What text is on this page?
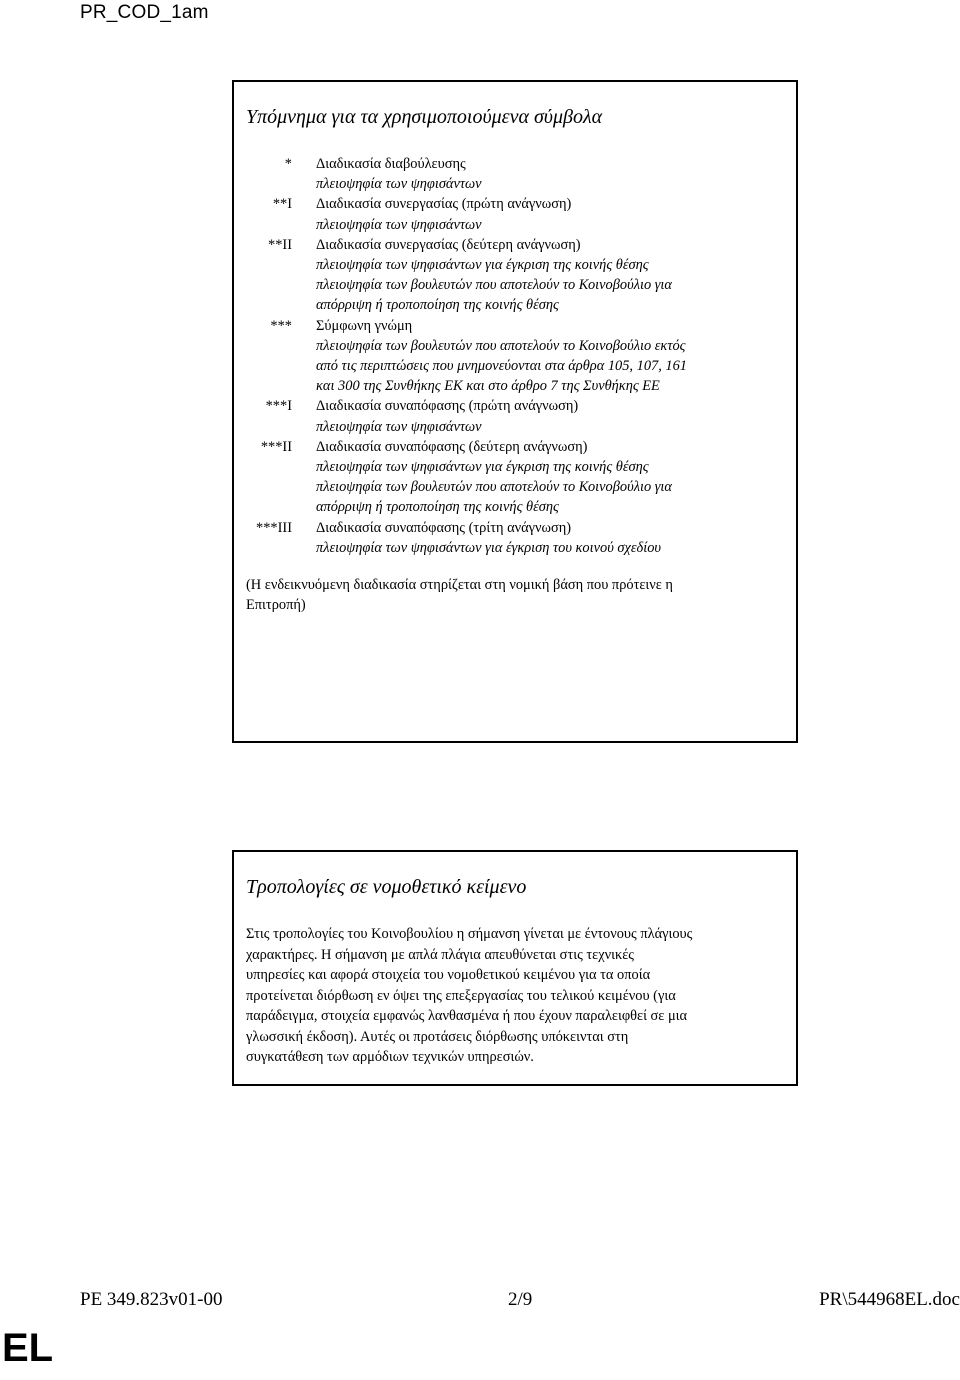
PR_COD_1am
Υπόμνημα για τα χρησιμοποιούμενα σύμβολα
*	Διαδικασία διαβούλευσης
πλειοψηφία των ψηφισάντων
**I	Διαδικασία συνεργασίας (πρώτη ανάγνωση)
πλειοψηφία των ψηφισάντων
**II	Διαδικασία συνεργασίας (δεύτερη ανάγνωση)
πλειοψηφία των ψηφισάντων για έγκριση της κοινής θέσης
πλειοψηφία των βουλευτών που αποτελούν το Κοινοβούλιο για
απόρριψη ή τροποποίηση της κοινής θέσης
***	Σύμφωνη γνώμη
πλειοψηφία των βουλευτών που αποτελούν το Κοινοβούλιο εκτός
από τις περιπτώσεις που μνημονεύονται στα άρθρα 105, 107, 161
και 300 της Συνθήκης ΕΚ και στο άρθρο 7 της Συνθήκης ΕΕ
***I	Διαδικασία συναπόφασης (πρώτη ανάγνωση)
πλειοψηφία των ψηφισάντων
***II	Διαδικασία συναπόφασης (δεύτερη ανάγνωση)
πλειοψηφία των ψηφισάντων για έγκριση της κοινής θέσης
πλειοψηφία των βουλευτών που αποτελούν το Κοινοβούλιο για
απόρριψη ή τροποποίηση της κοινής θέσης
***III	Διαδικασία συναπόφασης (τρίτη ανάγνωση)
πλειοψηφία των ψηφισάντων για έγκριση του κοινού σχεδίου
(Η ενδεικνυόμενη διαδικασία στηρίζεται στη νομική βάση που πρότεινε η
Επιτροπή)
Τροπολογίες σε νομοθετικό κείμενο
Στις τροπολογίες του Κοινοβουλίου η σήμανση γίνεται με έντονους πλάγιους
χαρακτήρες. Η σήμανση με απλά πλάγια απευθύνεται στις τεχνικές
υπηρεσίες και αφορά στοιχεία του νομοθετικού κειμένου για τα οποία
προτείνεται διόρθωση εν όψει της επεξεργασίας του τελικού κειμένου (για
παράδειγμα, στοιχεία εμφανώς λανθασμένα ή που έχουν παραλειφθεί σε μια
γλωσσική έκδοση). Αυτές οι προτάσεις διόρθωσης υπόκεινται στη
συγκατάθεση των αρμόδιων τεχνικών υπηρεσιών.
PE 349.823v01-00	2/9	PR\544968EL.doc
EL
